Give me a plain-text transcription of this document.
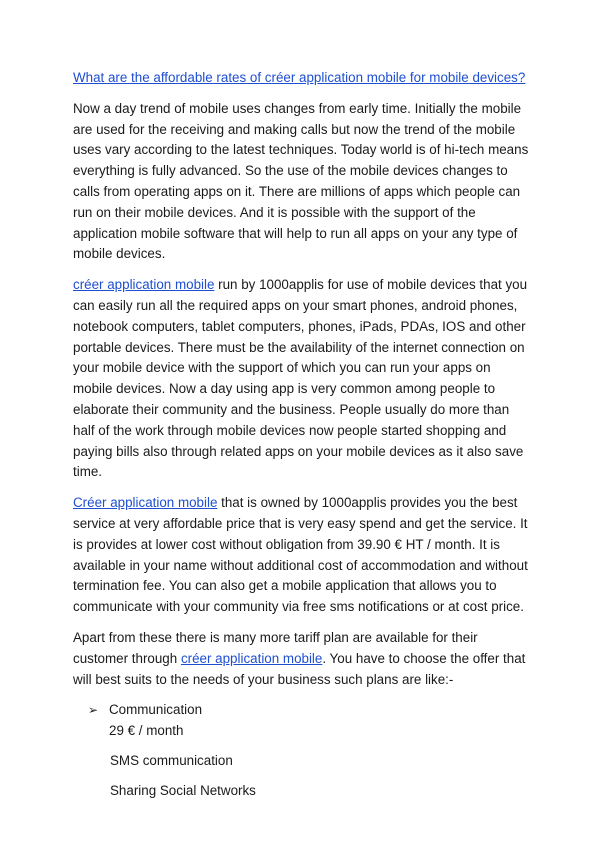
What are the affordable rates of créer application mobile for mobile devices?

Now a day trend of mobile uses changes from early time. Initially the mobile are used for the receiving and making calls but now the trend of the mobile uses vary according to the latest techniques. Today world is of hi-tech means everything is fully advanced. So the use of the mobile devices changes to calls from operating apps on it. There are millions of apps which people can run on their mobile devices. And it is possible with the support of the application mobile software that will help to run all apps on your any type of mobile devices.

créer application mobile run by 1000applis for use of mobile devices that you can easily run all the required apps on your smart phones, android phones, notebook computers, tablet computers, phones, iPads, PDAs, IOS and other portable devices. There must be the availability of the internet connection on your mobile device with the support of which you can run your apps on mobile devices. Now a day using app is very common among people to elaborate their community and the business. People usually do more than half of the work through mobile devices now people started shopping and paying bills also through related apps on your mobile devices as it also save time.

Créer application mobile that is owned by 1000applis provides you the best service at very affordable price that is very easy spend and get the service. It is provides at lower cost without obligation from 39.90 € HT / month. It is available in your name without additional cost of accommodation and without termination fee. You can also get a mobile application that allows you to communicate with your community via free sms notifications or at cost price.

Apart from these there is many more tariff plan are available for their customer through créer application mobile. You have to choose the offer that will best suits to the needs of your business such plans are like:-

➢ Communication
29 € / month
SMS communication
Sharing Social Networks
